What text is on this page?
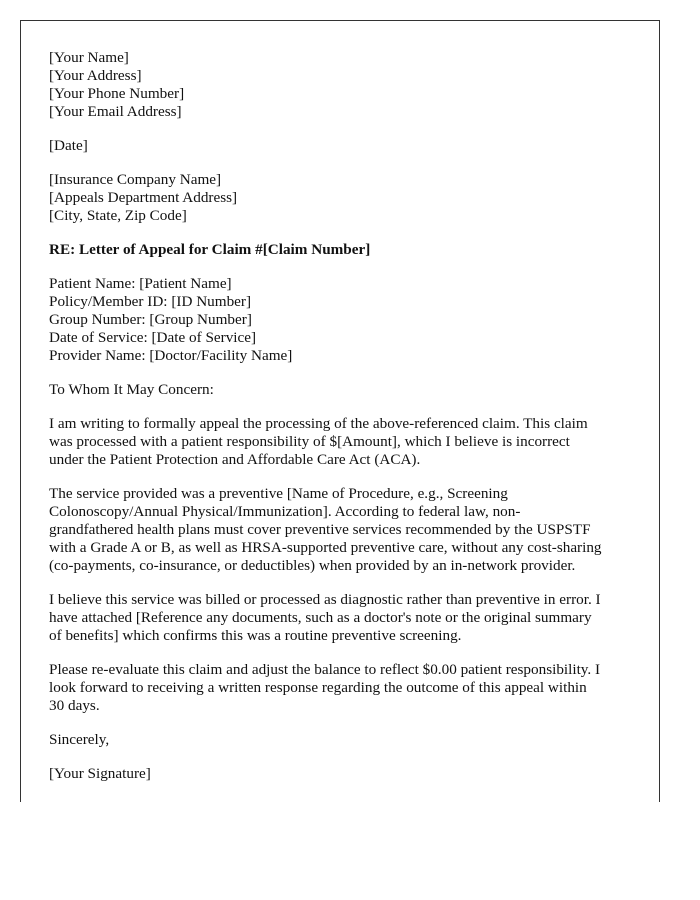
[Your Name]
[Your Address]
[Your Phone Number]
[Your Email Address]
[Date]
[Insurance Company Name]
[Appeals Department Address]
[City, State, Zip Code]
RE: Letter of Appeal for Claim #[Claim Number]
Patient Name: [Patient Name]
Policy/Member ID: [ID Number]
Group Number: [Group Number]
Date of Service: [Date of Service]
Provider Name: [Doctor/Facility Name]
To Whom It May Concern:

I am writing to formally appeal the processing of the above-referenced claim. This claim
was processed with a patient responsibility of $[Amount], which I believe is incorrect
under the Patient Protection and Affordable Care Act (ACA).

The service provided was a preventive [Name of Procedure, e.g., Screening
Colonoscopy/Annual Physical/Immunization]. According to federal law, non-
grandfathered health plans must cover preventive services recommended by the USPSTF
with a Grade A or B, as well as HRSA-supported preventive care, without any cost-sharing
(co-payments, co-insurance, or deductibles) when provided by an in-network provider.

I believe this service was billed or processed as diagnostic rather than preventive in error. I
have attached [Reference any documents, such as a doctor's note or the original summary
of benefits] which confirms this was a routine preventive screening.

Please re-evaluate this claim and adjust the balance to reflect $0.00 patient responsibility. I
look forward to receiving a written response regarding the outcome of this appeal within
30 days.

Sincerely,
[Your Signature]
